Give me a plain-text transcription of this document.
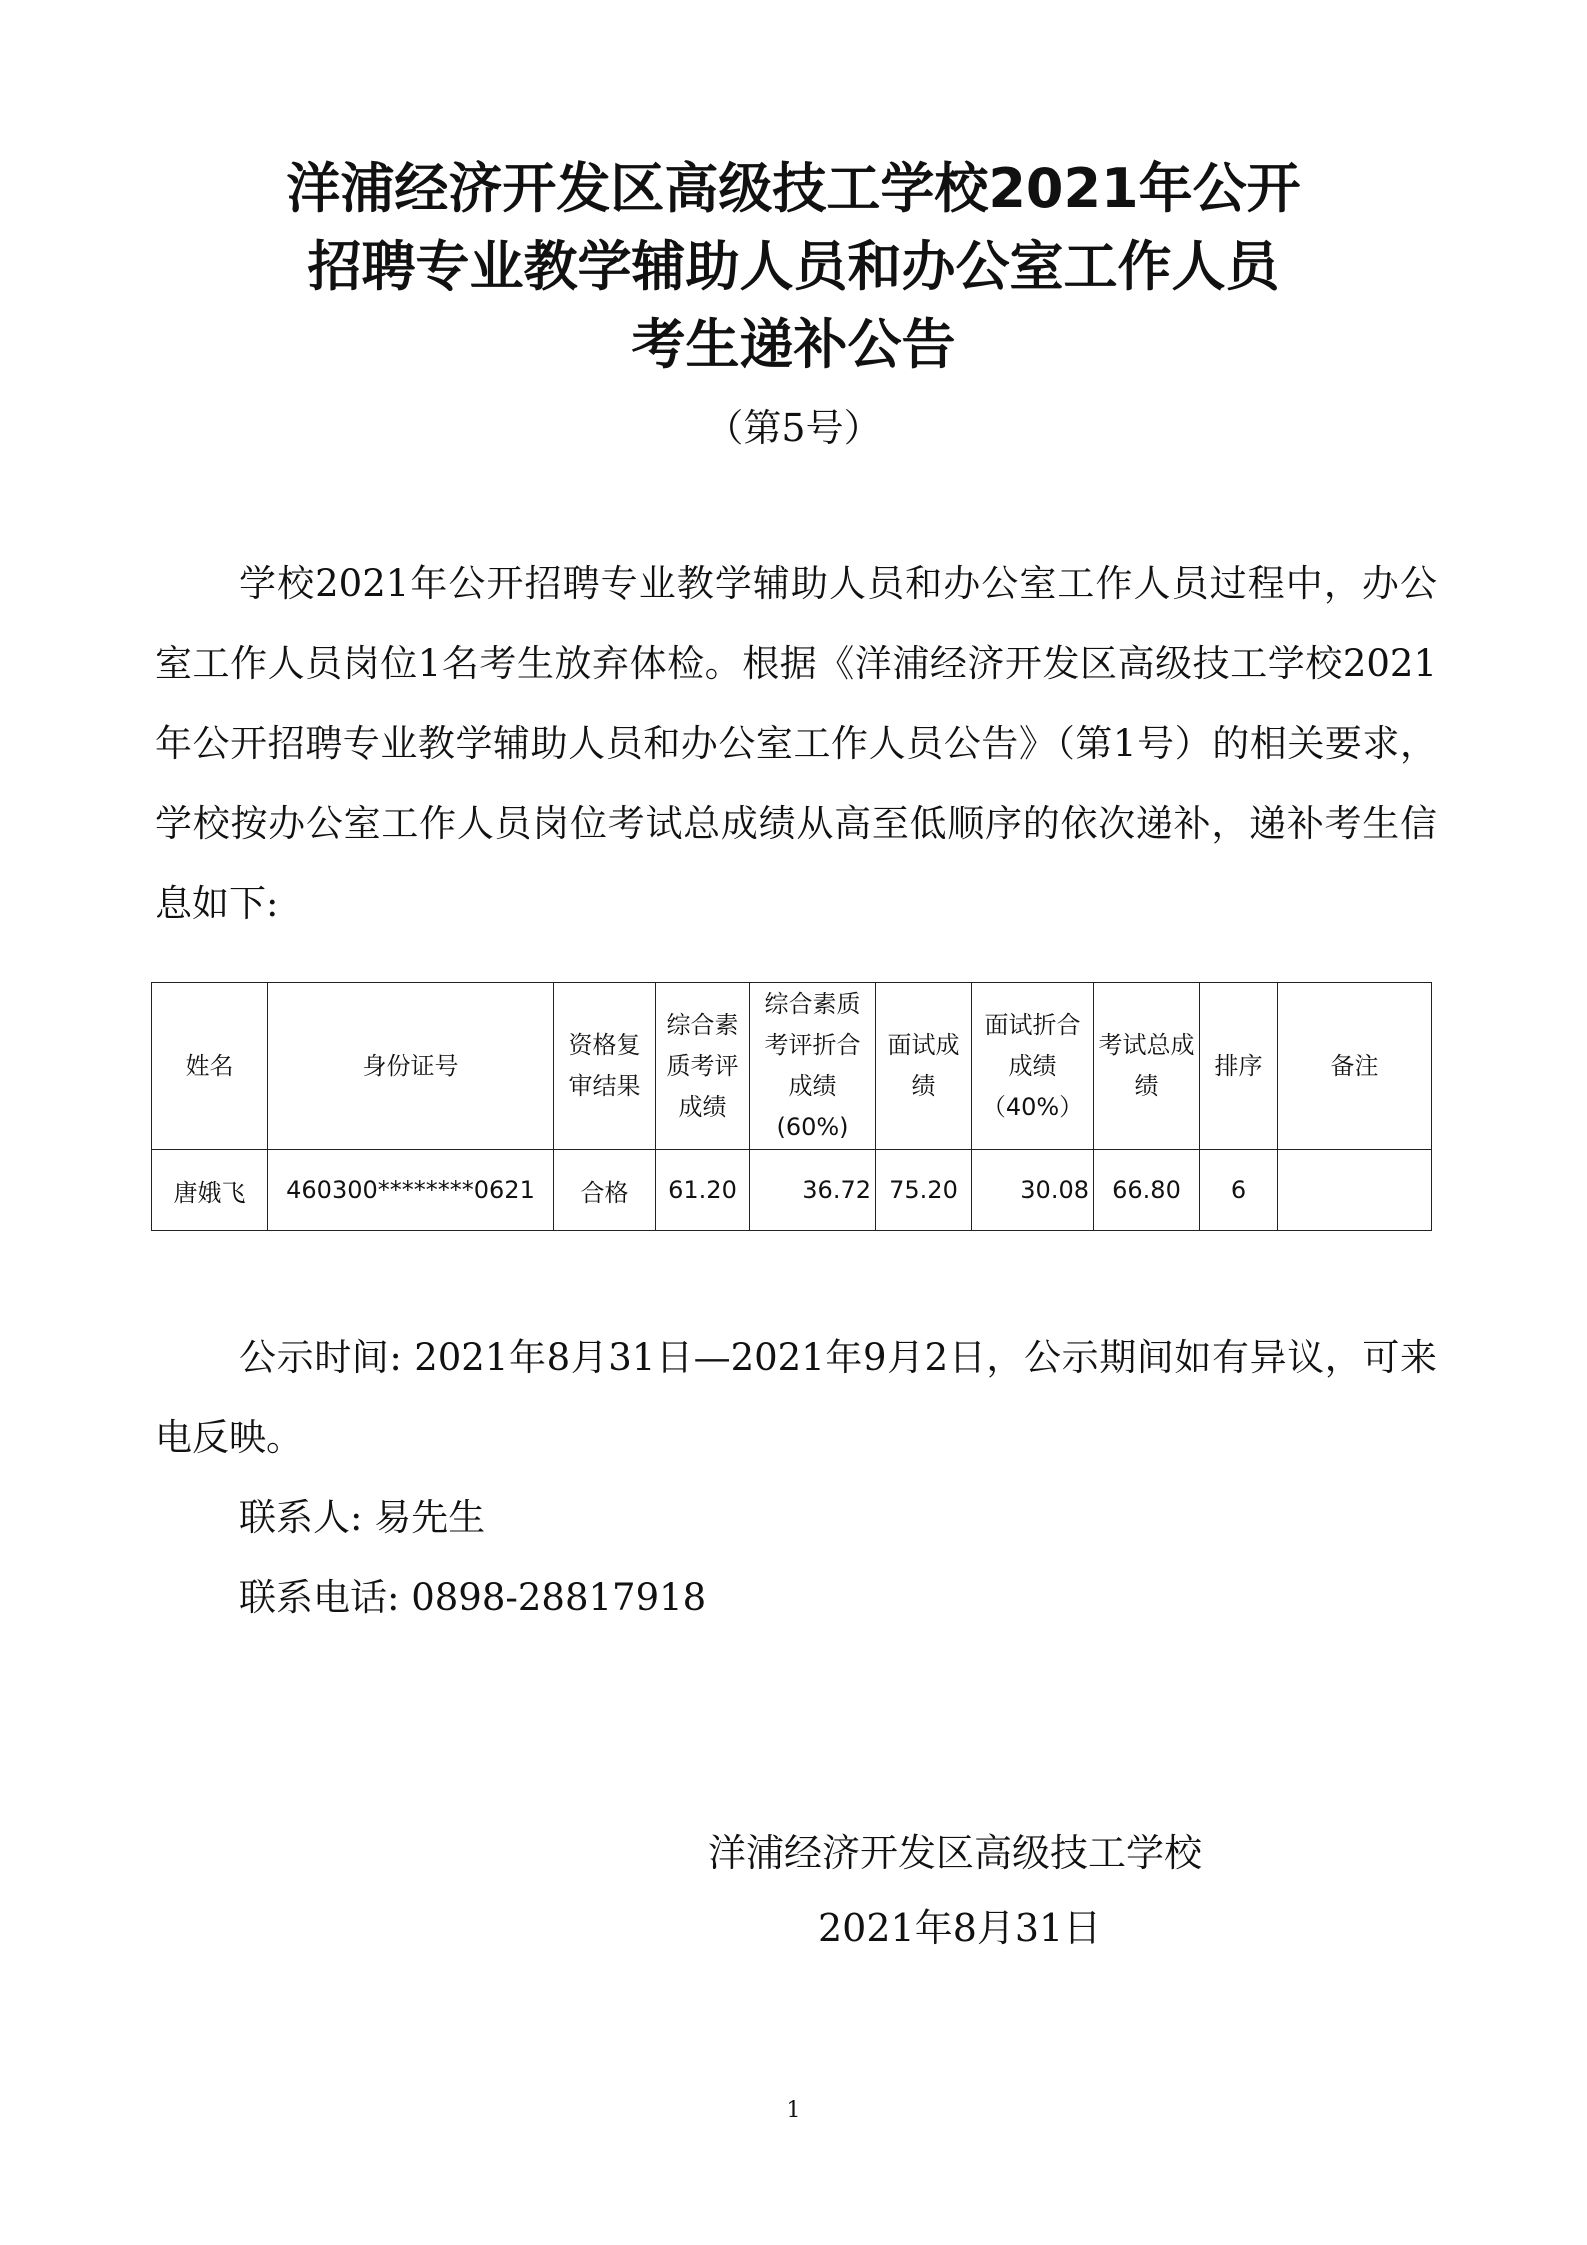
洋浦经济开发区高级技工学校2021年公开
招聘专业教学辅助人员和办公室工作人员
考生递补公告
（第5号）

学校2021年公开招聘专业教学辅助人员和办公室工作人员过程中，办公室工作人员岗位1名考生放弃体检。根据《洋浦经济开发区高级技工学校2021年公开招聘专业教学辅助人员和办公室工作人员公告》（第1号）的相关要求，学校按办公室工作人员岗位考试总成绩从高至低顺序的依次递补，递补考生信息如下:

姓名	身份证号	资格复审结果	综合素质考评成绩	综合素质考评折合成绩(60%)	面试成绩	面试折合成绩（40%）	考试总成绩	排序	备注
唐娥飞	460300********0621	合格	61.20	36.72	75.20	30.08	66.80	6	

公示时间: 2021年8月31日—2021年9月2日，公示期间如有异议，可来电反映。

联系人: 易先生

联系电话: 0898-28817918

洋浦经济开发区高级技工学校

2021年8月31日

1
